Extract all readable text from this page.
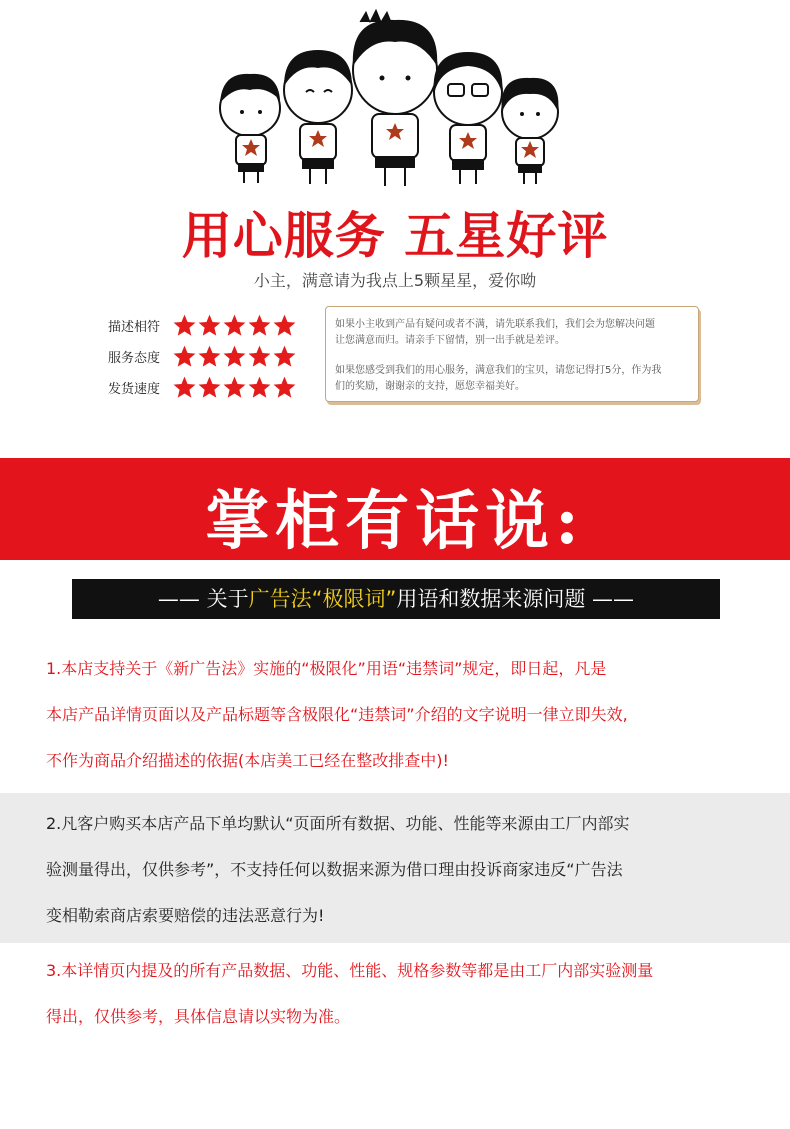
用心服务 五星好评
小主，满意请为我点上5颗星星，爱你呦
描述相符
服务态度
发货速度
如果小主收到产品有疑问或者不满，请先联系我们，我们会为您解决问题
让您满意而归。请亲手下留情，别一出手就是差评。
如果您感受到我们的用心服务，满意我们的宝贝，请您记得打5分，作为我
们的奖励，谢谢亲的支持，愿您幸福美好。
掌柜有话说:
—— 关于广告法“极限词”用语和数据来源问题 ——
1.本店支持关于《新广告法》实施的“极限化”用语“违禁词”规定，即日起，凡是
本店产品详情页面以及产品标题等含极限化“违禁词”介绍的文字说明一律立即失效,
不作为商品介绍描述的依据(本店美工已经在整改排查中)!
2.凡客户购买本店产品下单均默认“页面所有数据、功能、性能等来源由工厂内部实
验测量得出，仅供参考”，不支持任何以数据来源为借口理由投诉商家违反“广告法
变相勒索商店索要赔偿的违法恶意行为!
3.本详情页内提及的所有产品数据、功能、性能、规格参数等都是由工厂内部实验测量
得出，仅供参考，具体信息请以实物为准。
